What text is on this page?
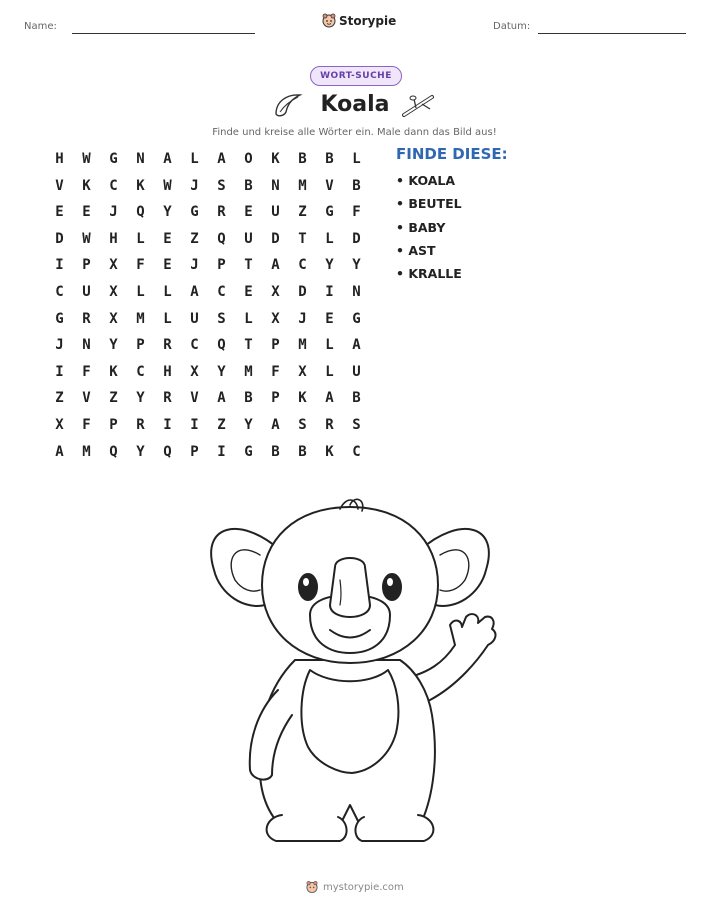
Name:	Storypie	Datum:
WORT-SUCHE
Koala
Finde und kreise alle Wörter ein. Male dann das Bild aus!
H	W	G	N	A	L	A	O	K	B	B	L
V	K	C	K	W	J	S	B	N	M	V	B
E	E	J	Q	Y	G	R	E	U	Z	G	F
D	W	H	L	E	Z	Q	U	D	T	L	D
I	P	X	F	E	J	P	T	A	C	Y	Y
C	U	X	L	L	A	C	E	X	D	I	N
G	R	X	M	L	U	S	L	X	J	E	G
J	N	Y	P	R	C	Q	T	P	M	L	A
I	F	K	C	H	X	Y	M	F	X	L	U
Z	V	Z	Y	R	V	A	B	P	K	A	B
X	F	P	R	I	I	Z	Y	A	S	R	S
A	M	Q	Y	Q	P	I	G	B	B	K	C
FINDE DIESE:
• KOALA
• BEUTEL
• BABY
• AST
• KRALLE
mystorypie.com
